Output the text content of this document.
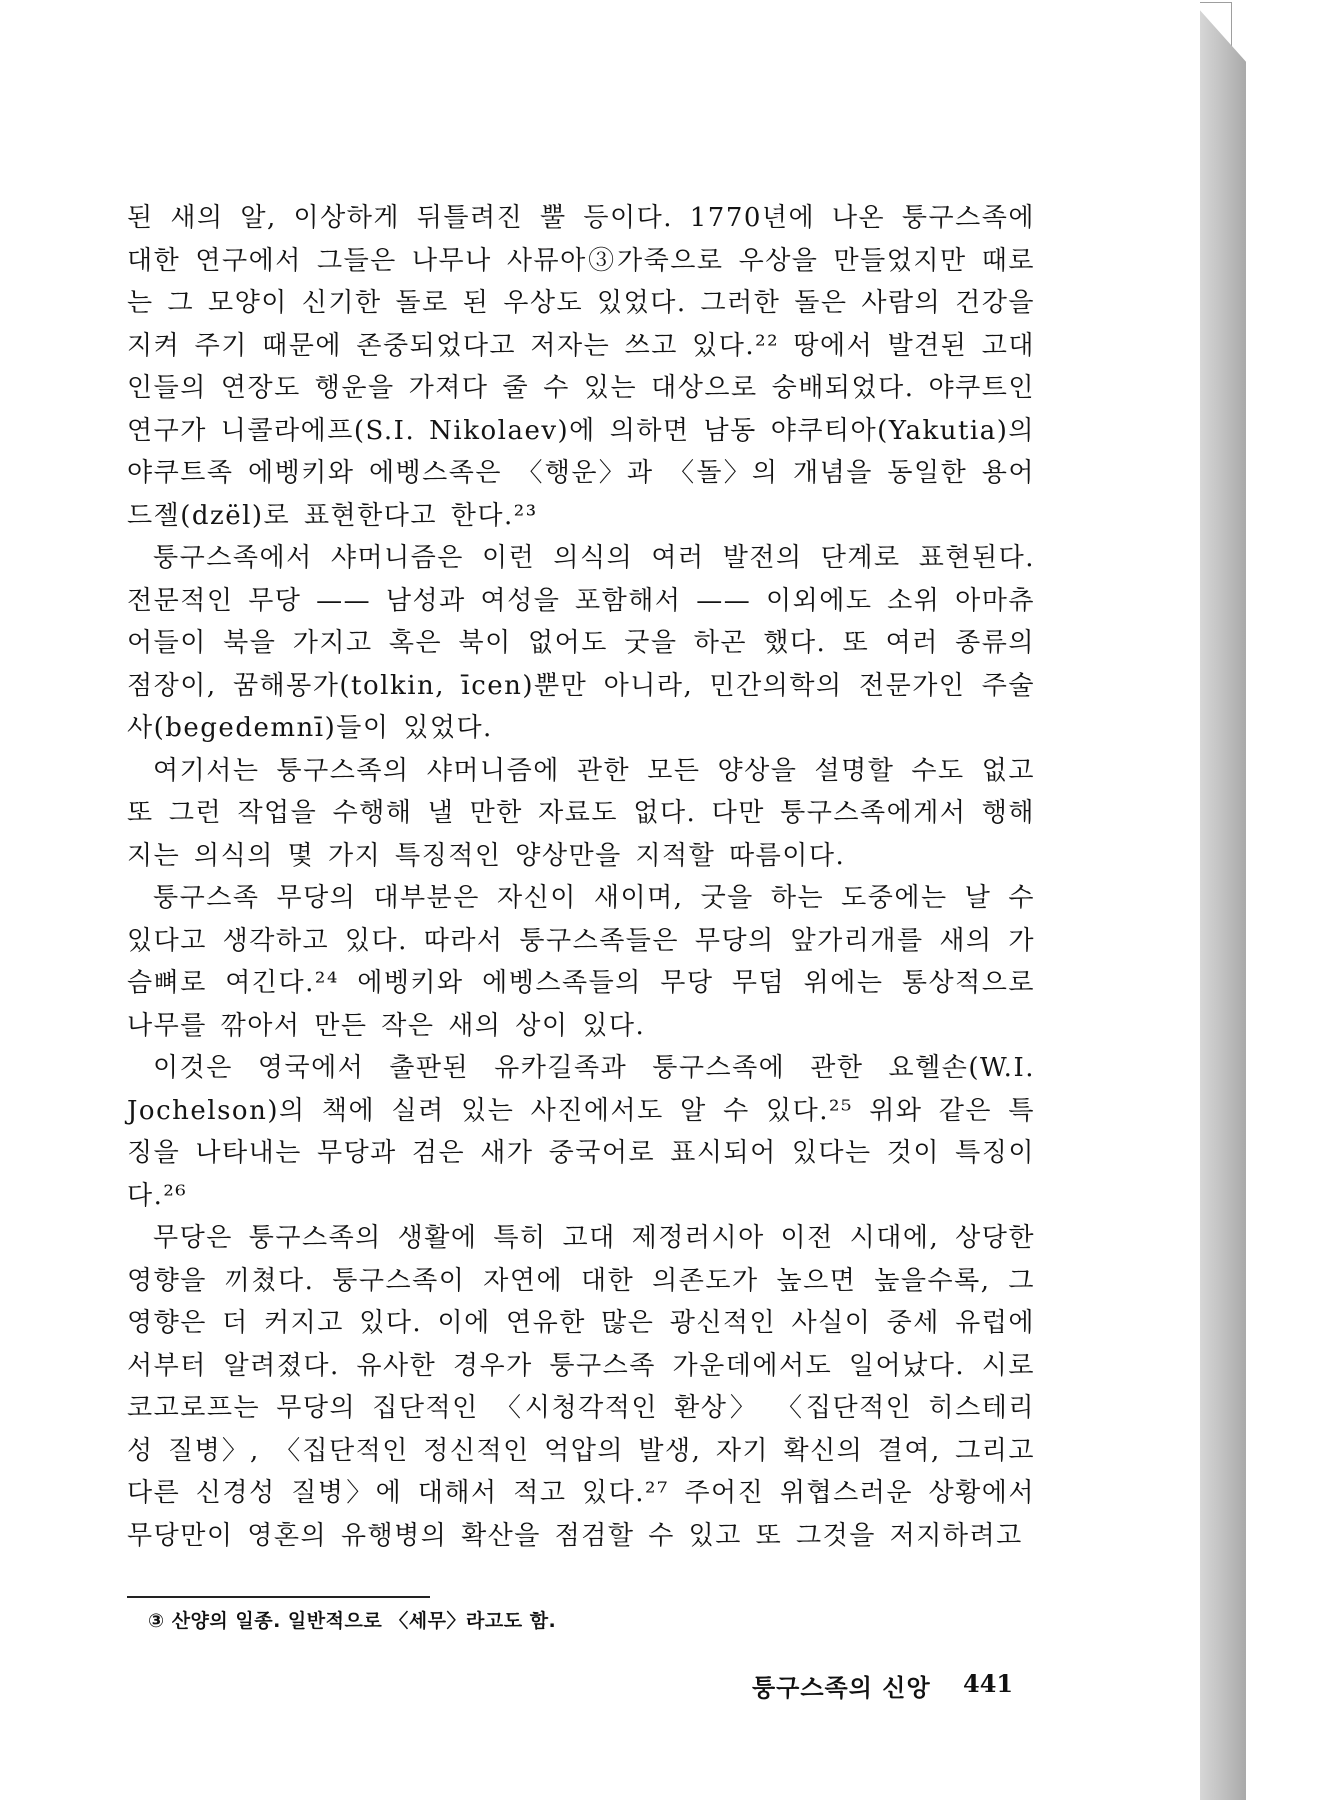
된 새의 알, 이상하게 뒤틀려진 뿔 등이다. 1770년에 나온 퉁구스족에 대한 연구에서 그들은 나무나 사뮤아③가죽으로 우상을 만들었지만 때로는 그 모양이 신기한 돌로 된 우상도 있었다. 그러한 돌은 사람의 건강을 지켜 주기 때문에 존중되었다고 저자는 쓰고 있다.²² 땅에서 발견된 고대인들의 연장도 행운을 가져다 줄 수 있는 대상으로 숭배되었다. 야쿠트인 연구가 니콜라에프(S.I. Nikolaev)에 의하면 남동 야쿠티아(Yakutia)의 야쿠트족 에벵키와 에벵스족은 〈행운〉과 〈돌〉의 개념을 동일한 용어 드젤(dzël)로 표현한다고 한다.²³

퉁구스족에서 샤머니즘은 이런 의식의 여러 발전의 단계로 표현된다. 전문적인 무당 —— 남성과 여성을 포함해서 —— 이외에도 소위 아마츄어들이 북을 가지고 혹은 북이 없어도 굿을 하곤 했다. 또 여러 종류의 점장이, 꿈해몽가(tolkin, īcen)뿐만 아니라, 민간의학의 전문가인 주술사(begedemnī)들이 있었다.

여기서는 퉁구스족의 샤머니즘에 관한 모든 양상을 설명할 수도 없고 또 그런 작업을 수행해 낼 만한 자료도 없다. 다만 퉁구스족에게서 행해지는 의식의 몇 가지 특징적인 양상만을 지적할 따름이다.

퉁구스족 무당의 대부분은 자신이 새이며, 굿을 하는 도중에는 날 수 있다고 생각하고 있다. 따라서 퉁구스족들은 무당의 앞가리개를 새의 가슴뼈로 여긴다.²⁴ 에벵키와 에벵스족들의 무당 무덤 위에는 통상적으로 나무를 깎아서 만든 작은 새의 상이 있다.

이것은 영국에서 출판된 유카길족과 퉁구스족에 관한 요헬손(W.I. Jochelson)의 책에 실려 있는 사진에서도 알 수 있다.²⁵ 위와 같은 특징을 나타내는 무당과 검은 새가 중국어로 표시되어 있다는 것이 특징이다.²⁶

무당은 퉁구스족의 생활에 특히 고대 제정러시아 이전 시대에, 상당한 영향을 끼쳤다. 퉁구스족이 자연에 대한 의존도가 높으면 높을수록, 그 영향은 더 커지고 있다. 이에 연유한 많은 광신적인 사실이 중세 유럽에서부터 알려졌다. 유사한 경우가 퉁구스족 가운데에서도 일어났다. 시로코고로프는 무당의 집단적인 〈시청각적인 환상〉 〈집단적인 히스테리성 질병〉, 〈집단적인 정신적인 억압의 발생, 자기 확신의 결여, 그리고 다른 신경성 질병〉에 대해서 적고 있다.²⁷ 주어진 위협스러운 상황에서 무당만이 영혼의 유행병의 확산을 점검할 수 있고 또 그것을 저지하려고

③ 산양의 일종. 일반적으로 〈세무〉라고도 함.
퉁구스족의 신앙 441
